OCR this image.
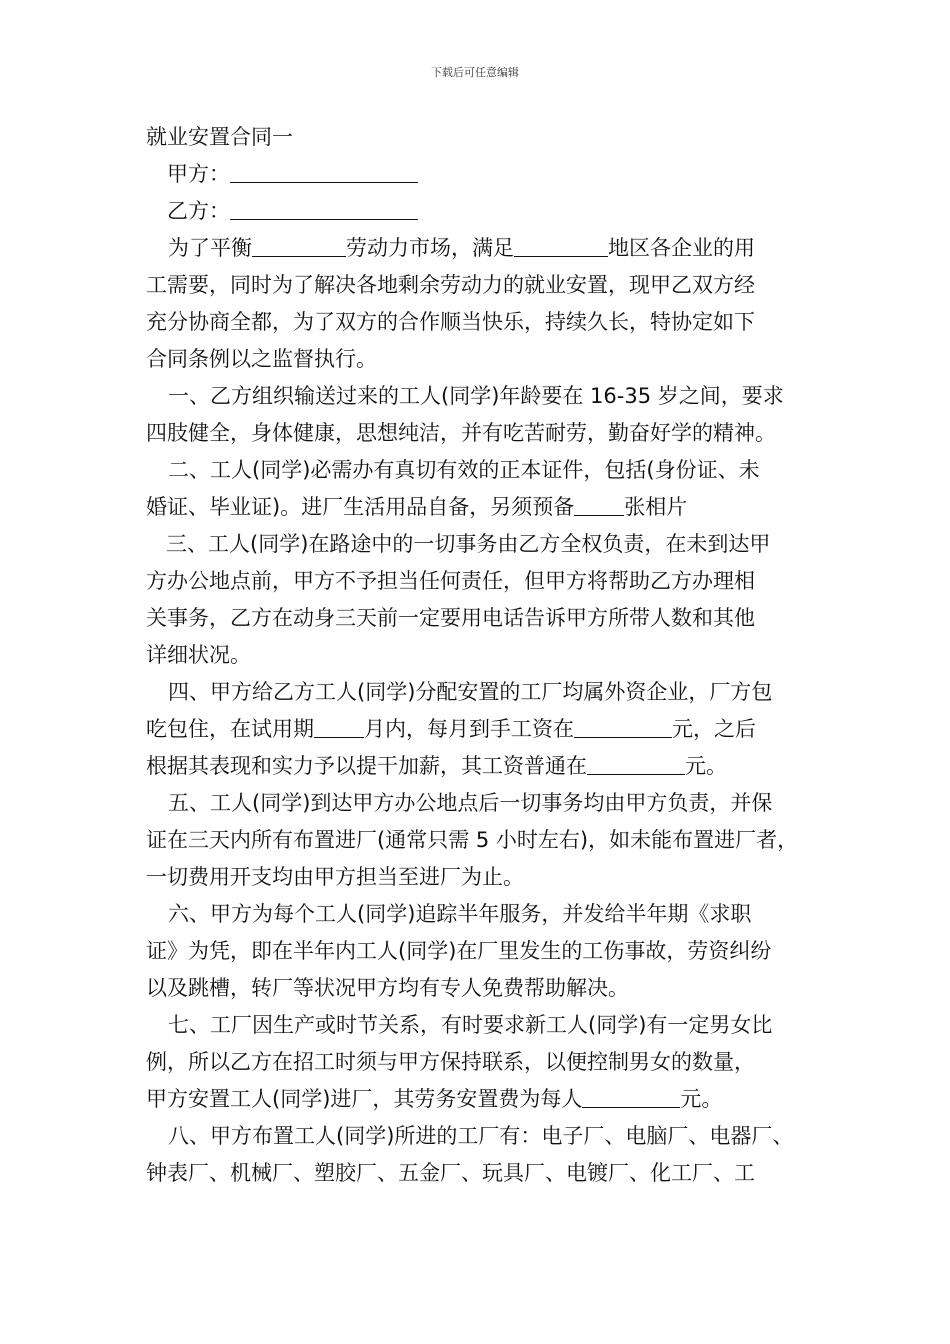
下载后可任意编辑
就业安置合同一
甲方：
乙方：
为了平衡	劳动力市场，满足	地区各企业的用
工需要，同时为了解决各地剩余劳动力的就业安置，现甲乙双方经
充分协商全都，为了双方的合作顺当快乐，持续久长，特协定如下
合同条例以之监督执行。
一、乙方组织输送过来的工人(同学)年龄要在 16-35 岁之间，要求
四肢健全，身体健康，思想纯洁，并有吃苦耐劳，勤奋好学的精神。
二、工人(同学)必需办有真切有效的正本证件，包括(身份证、未
婚证、毕业证)。进厂生活用品自备，另须预备 张相片
三、工人(同学)在路途中的一切事务由乙方全权负责，在未到达甲
方办公地点前，甲方不予担当任何责任，但甲方将帮助乙方办理相
关事务，乙方在动身三天前一定要用电话告诉甲方所带人数和其他
详细状况。
四、甲方给乙方工人(同学)分配安置的工厂均属外资企业，厂方包
吃包住，在试用期 月内，每月到手工资在	元，之后
根据其表现和实力予以提干加薪，其工资普通在	元。
五、工人(同学)到达甲方办公地点后一切事务均由甲方负责，并保
证在三天内所有布置进厂(通常只需 5 小时左右)，如未能布置进厂者，
一切费用开支均由甲方担当至进厂为止。
六、甲方为每个工人(同学)追踪半年服务，并发给半年期《求职
证》为凭，即在半年内工人(同学)在厂里发生的工伤事故，劳资纠纷
以及跳槽，转厂等状况甲方均有专人免费帮助解决。
七、工厂因生产或时节关系，有时要求新工人(同学)有一定男女比
例，所以乙方在招工时须与甲方保持联系，以便控制男女的数量，
甲方安置工人(同学)进厂，其劳务安置费为每人	元。
八、甲方布置工人(同学)所进的工厂有：电子厂、电脑厂、电器厂、
钟表厂、机械厂、塑胶厂、五金厂、玩具厂、电镀厂、化工厂、工
